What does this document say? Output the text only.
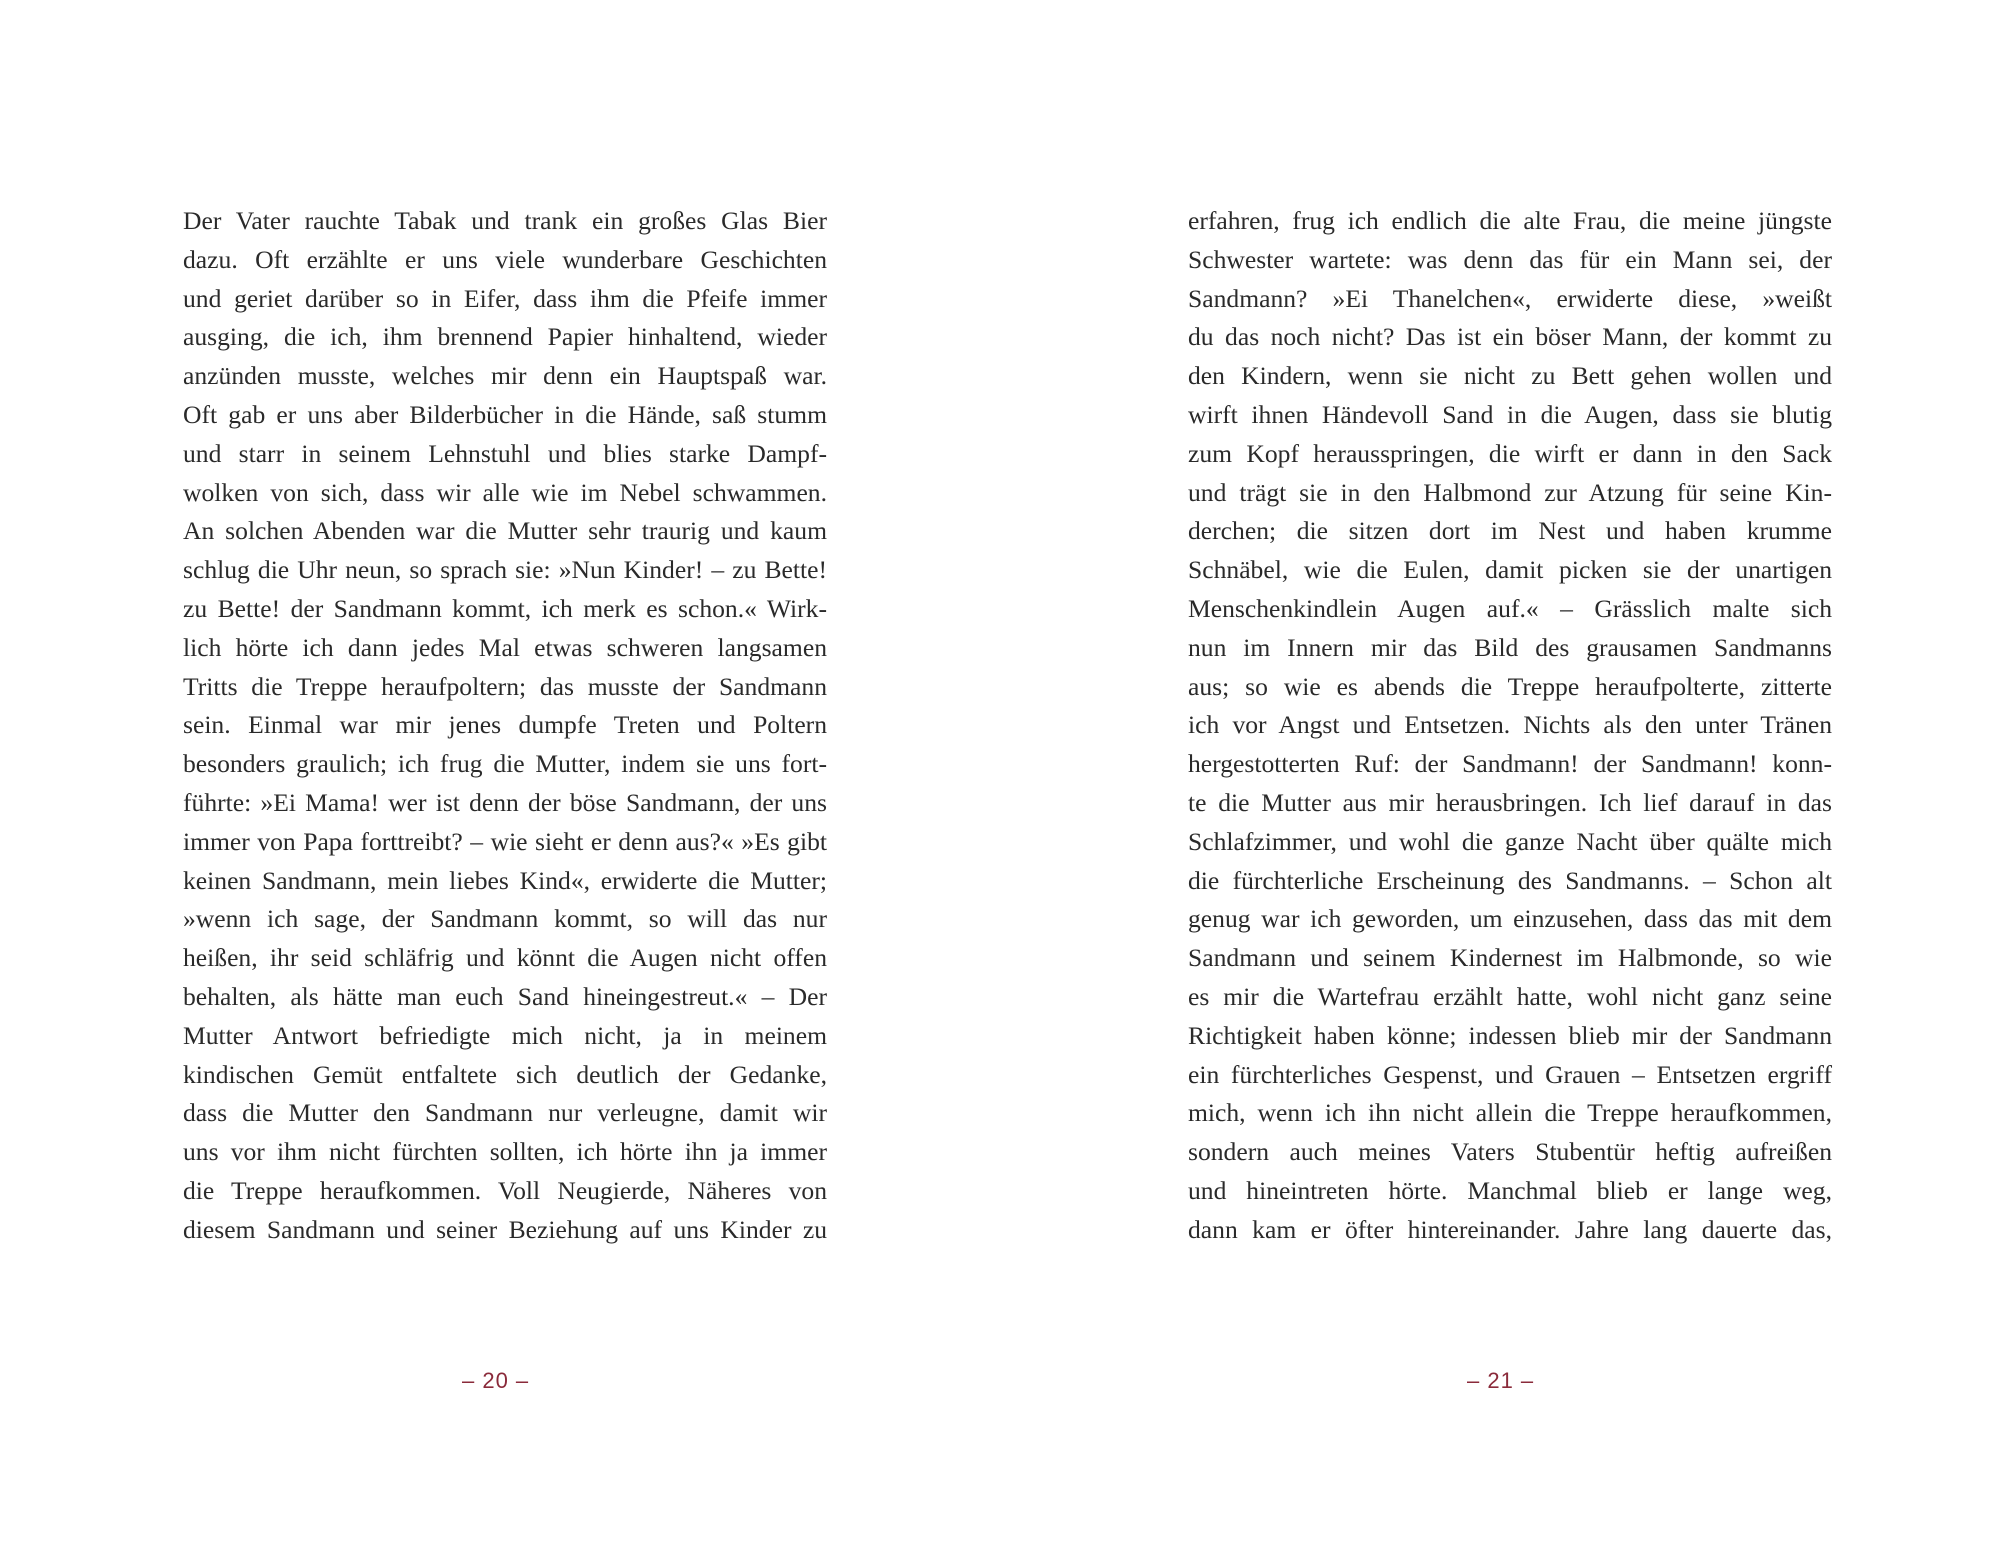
Der Vater rauchte Tabak und trank ein großes Glas Bier
dazu. Oft erzählte er uns viele wunderbare Geschichten
und geriet darüber so in Eifer, dass ihm die Pfeife immer
ausging, die ich, ihm brennend Papier hinhaltend, wieder
anzünden musste, welches mir denn ein Hauptspaß war.
Oft gab er uns aber Bilderbücher in die Hände, saß stumm
und starr in seinem Lehnstuhl und blies starke Dampf-
wolken von sich, dass wir alle wie im Nebel schwammen.
An solchen Abenden war die Mutter sehr traurig und kaum
schlug die Uhr neun, so sprach sie: »Nun Kinder! – zu Bette!
zu Bette! der Sandmann kommt, ich merk es schon.« Wirk-
lich hörte ich dann jedes Mal etwas schweren langsamen
Tritts die Treppe heraufpoltern; das musste der Sandmann
sein. Einmal war mir jenes dumpfe Treten und Poltern
besonders graulich; ich frug die Mutter, indem sie uns fort-
führte: »Ei Mama! wer ist denn der böse Sandmann, der uns
immer von Papa forttreibt? – wie sieht er denn aus?« »Es gibt
keinen Sandmann, mein liebes Kind«, erwiderte die Mutter;
»wenn ich sage, der Sandmann kommt, so will das nur
heißen, ihr seid schläfrig und könnt die Augen nicht offen
behalten, als hätte man euch Sand hineingestreut.« – Der
Mutter Antwort befriedigte mich nicht, ja in meinem
kindischen Gemüt entfaltete sich deutlich der Gedanke,
dass die Mutter den Sandmann nur verleugne, damit wir
uns vor ihm nicht fürchten sollten, ich hörte ihn ja immer
die Treppe heraufkommen. Voll Neugierde, Näheres von
diesem Sandmann und seiner Beziehung auf uns Kinder zu
– 20 –
erfahren, frug ich endlich die alte Frau, die meine jüngste
Schwester wartete: was denn das für ein Mann sei, der
Sandmann? »Ei Thanelchen«, erwiderte diese, »weißt
du das noch nicht? Das ist ein böser Mann, der kommt zu
den Kindern, wenn sie nicht zu Bett gehen wollen und
wirft ihnen Händevoll Sand in die Augen, dass sie blutig
zum Kopf herausspringen, die wirft er dann in den Sack
und trägt sie in den Halbmond zur Atzung für seine Kin-
derchen; die sitzen dort im Nest und haben krumme
Schnäbel, wie die Eulen, damit picken sie der unartigen
Menschenkindlein Augen auf.« – Grässlich malte sich
nun im Innern mir das Bild des grausamen Sandmanns
aus; so wie es abends die Treppe heraufpolterte, zitterte
ich vor Angst und Entsetzen. Nichts als den unter Tränen
hergestotterten Ruf: der Sandmann! der Sandmann! konn-
te die Mutter aus mir herausbringen. Ich lief darauf in das
Schlafzimmer, und wohl die ganze Nacht über quälte mich
die fürchterliche Erscheinung des Sandmanns. – Schon alt
genug war ich geworden, um einzusehen, dass das mit dem
Sandmann und seinem Kindernest im Halbmonde, so wie
es mir die Wartefrau erzählt hatte, wohl nicht ganz seine
Richtigkeit haben könne; indessen blieb mir der Sandmann
ein fürchterliches Gespenst, und Grauen – Entsetzen ergriff
mich, wenn ich ihn nicht allein die Treppe heraufkommen,
sondern auch meines Vaters Stubentür heftig aufreißen
und hineintreten hörte. Manchmal blieb er lange weg,
dann kam er öfter hintereinander. Jahre lang dauerte das,
– 21 –
